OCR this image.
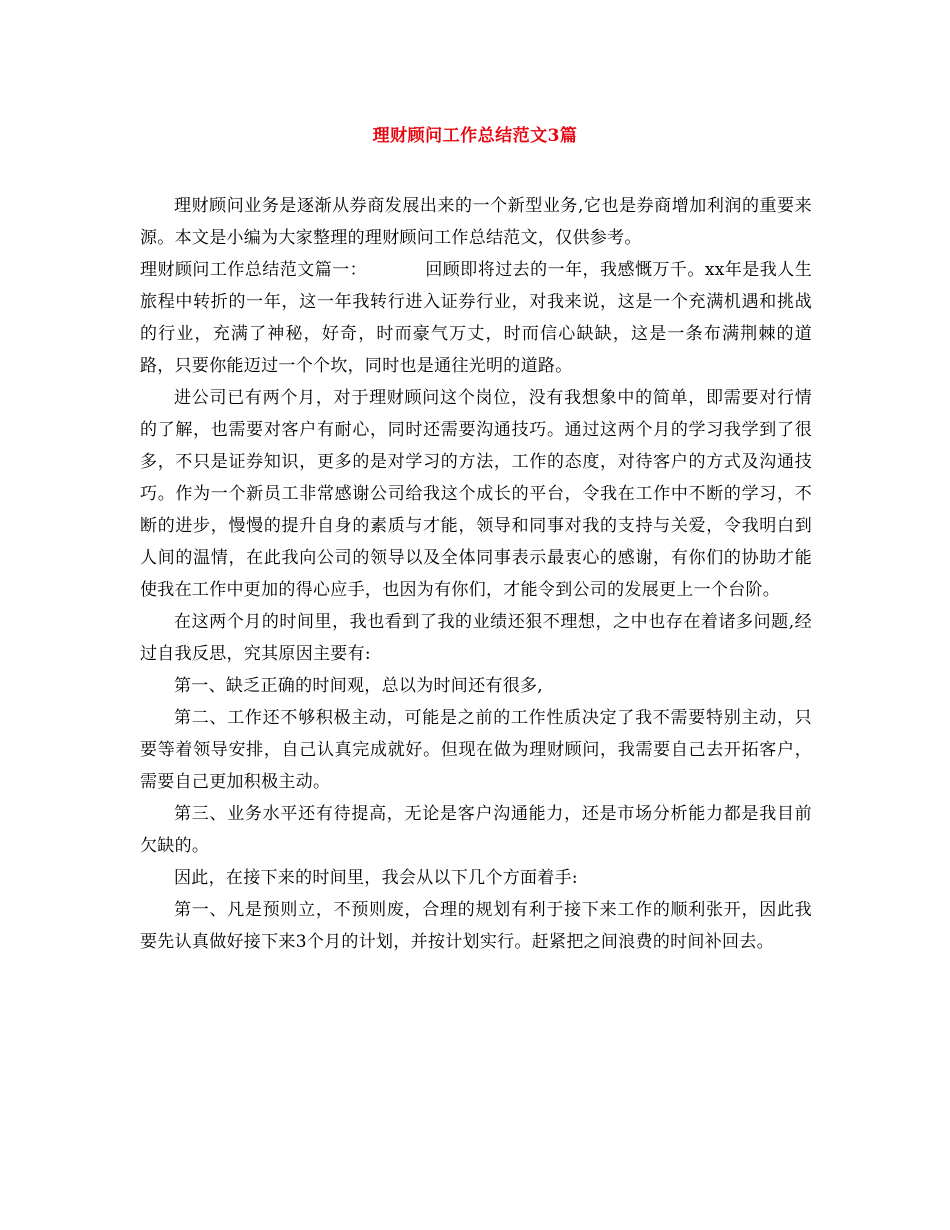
理财顾问工作总结范文3篇

理财顾问业务是逐渐从券商发展出来的一个新型业务,它也是券商增加利润的重要来源。本文是小编为大家整理的理财顾问工作总结范文，仅供参考。

理财顾问工作总结范文篇一：	回顾即将过去的一年，我感慨万千。xx年是我人生旅程中转折的一年，这一年我转行进入证券行业，对我来说，这是一个充满机遇和挑战的行业，充满了神秘，好奇，时而豪气万丈，时而信心缺缺，这是一条布满荆棘的道路，只要你能迈过一个个坎，同时也是通往光明的道路。

进公司已有两个月，对于理财顾问这个岗位，没有我想象中的简单，即需要对行情的了解，也需要对客户有耐心，同时还需要沟通技巧。通过这两个月的学习我学到了很多，不只是证券知识，更多的是对学习的方法，工作的态度，对待客户的方式及沟通技巧。作为一个新员工非常感谢公司给我这个成长的平台，令我在工作中不断的学习，不断的进步，慢慢的提升自身的素质与才能，领导和同事对我的支持与关爱，令我明白到人间的温情，在此我向公司的领导以及全体同事表示最衷心的感谢，有你们的协助才能使我在工作中更加的得心应手，也因为有你们，才能令到公司的发展更上一个台阶。

在这两个月的时间里，我也看到了我的业绩还狠不理想，之中也存在着诸多问题,经过自我反思，究其原因主要有:

第一、缺乏正确的时间观，总以为时间还有很多,

第二、工作还不够积极主动，可能是之前的工作性质决定了我不需要特别主动，只要等着领导安排，自己认真完成就好。但现在做为理财顾问，我需要自己去开拓客户，需要自己更加积极主动。

第三、业务水平还有待提高，无论是客户沟通能力，还是市场分析能力都是我目前欠缺的。

因此，在接下来的时间里，我会从以下几个方面着手:

第一、凡是预则立，不预则废，合理的规划有利于接下来工作的顺利张开，因此我要先认真做好接下来3个月的计划，并按计划实行。赶紧把之间浪费的时间补回去。
